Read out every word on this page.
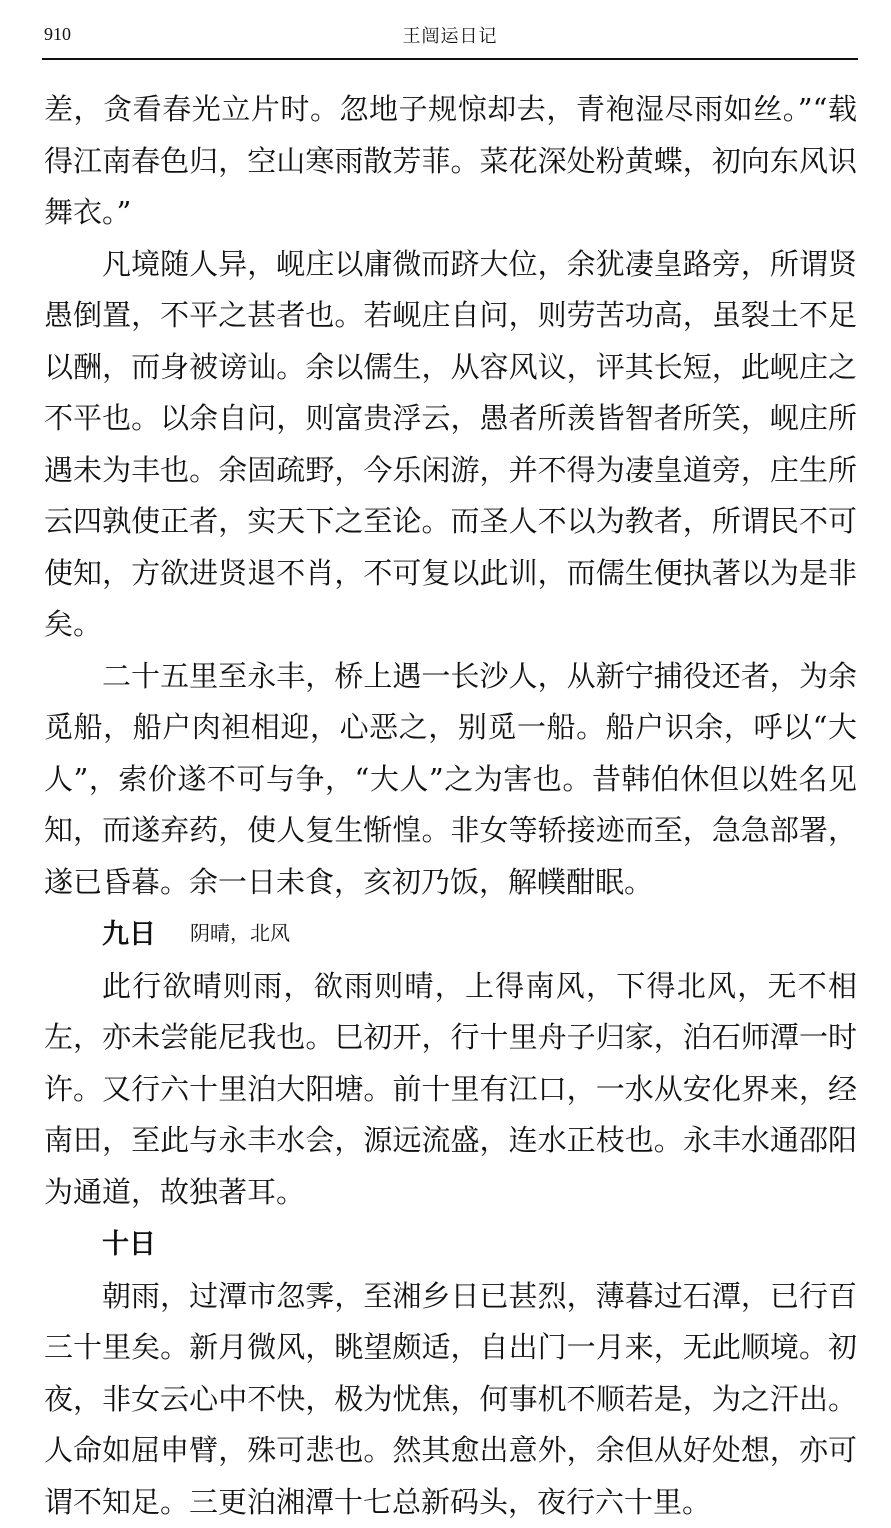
910	王闿运日记

差，贪看春光立片时。忽地子规惊却去，青袍湿尽雨如丝。”“载得江南春色归，空山寒雨散芳菲。菜花深处粉黄蝶，初向东风识舞衣。”

凡境随人异，岘庄以庸微而跻大位，余犹凄皇路旁，所谓贤愚倒置，不平之甚者也。若岘庄自问，则劳苦功高，虽裂土不足以酬，而身被谤讪。余以儒生，从容风议，评其长短，此岘庄之不平也。以余自问，则富贵浮云，愚者所羡皆智者所笑，岘庄所遇未为丰也。余固疏野，今乐闲游，并不得为凄皇道旁，庄生所云四孰使正者，实天下之至论。而圣人不以为教者，所谓民不可使知，方欲进贤退不肖，不可复以此训，而儒生便执著以为是非矣。

二十五里至永丰，桥上遇一长沙人，从新宁捕役还者，为余觅船，船户肉袒相迎，心恶之，别觅一船。船户识余，呼以“大人”，索价遂不可与争，“大人”之为害也。昔韩伯休但以姓名见知，而遂弃药，使人复生惭惶。非女等轿接迹而至，急急部署，遂已昏暮。余一日未食，亥初乃饭，解幞酣眠。

九日 阴晴，北风

此行欲晴则雨，欲雨则晴，上得南风，下得北风，无不相左，亦未尝能尼我也。巳初开，行十里舟子归家，泊石师潭一时许。又行六十里泊大阳塘。前十里有江口，一水从安化界来，经南田，至此与永丰水会，源远流盛，连水正枝也。永丰水通邵阳为通道，故独著耳。

十日

朝雨，过潭市忽霁，至湘乡日已甚烈，薄暮过石潭，已行百三十里矣。新月微风，眺望颇适，自出门一月来，无此顺境。初夜，非女云心中不快，极为忧焦，何事机不顺若是，为之汗出。人命如屈申臂，殊可悲也。然其愈出意外，余但从好处想，亦可谓不知足。三更泊湘潭十七总新码头，夜行六十里。
